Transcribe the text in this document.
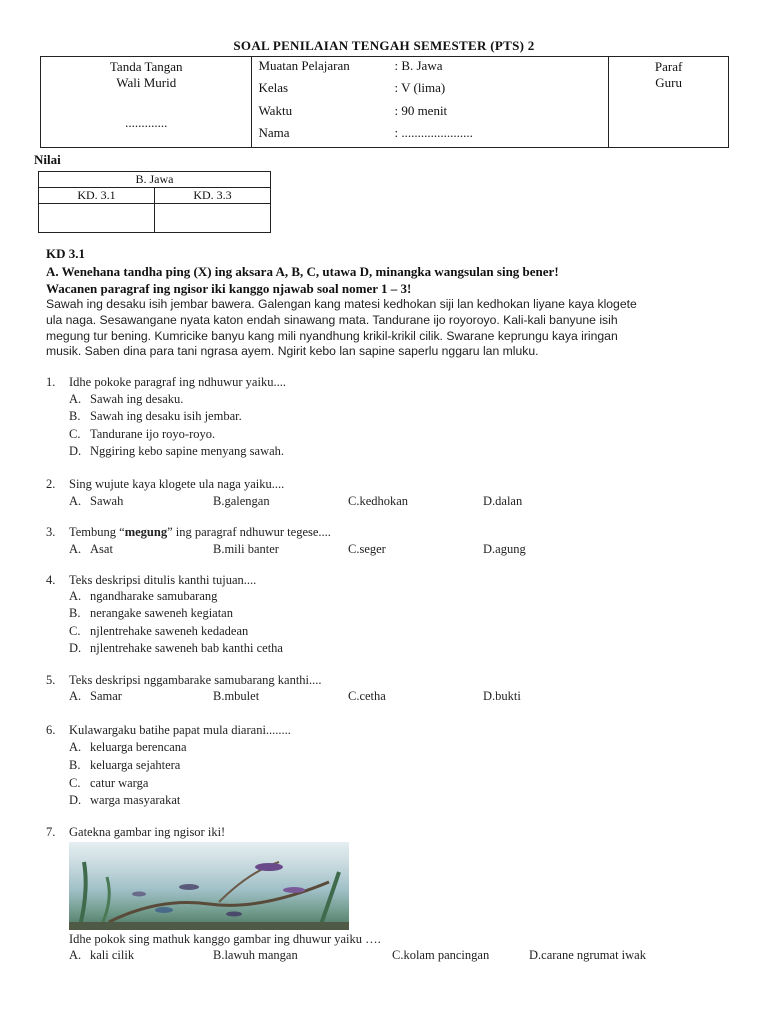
SOAL PENILAIAN TENGAH SEMESTER (PTS) 2
Tanda Tangan
Wali Murid
.............

Muatan Pelajaran	: B. Jawa
Kelas	: V (lima)
Waktu	: 90 menit
Nama	: ......................

Paraf
Guru
Nilai
B. Jawa	
KD. 3.1	KD. 3.3

KD 3.1
A. Wenehana tandha ping (X) ing aksara A, B, C, utawa D, minangka wangsulan sing bener!
Wacanen paragraf ing ngisor iki kanggo njawab soal nomer 1 – 3!
Sawah ing desaku isih jembar bawera. Galengan kang matesi kedhokan siji lan kedhokan liyane kaya klogete
ula naga. Sesawangane nyata katon endah sinawang mata. Tandurane ijo royoroyo. Kali-kali banyune isih
megung tur bening. Kumricike banyu kang mili nyandhung krikil-krikil cilik. Swarane keprungu kaya iringan
musik. Saben dina para tani ngrasa ayem. Ngirit kebo lan sapine saperlu nggaru lan mluku.
1. Idhe pokoke paragraf ing ndhuwur yaiku....
A. Sawah ing desaku.
B. Sawah ing desaku isih jembar.
C. Tandurane ijo royo-royo.
D. Nggiring kebo sapine menyang sawah.
2. Sing wujute kaya klogete ula naga yaiku....
A. Sawah	B.galengan	C.kedhokan	D.dalan
3. Tembung “megung” ing paragraf ndhuwur tegese....
A. Asat	B.mili banter	C.seger	D.agung
4. Teks deskripsi ditulis kanthi tujuan....
A. ngandharake samubarang
B. nerangake saweneh kegiatan
C. njlentrehake saweneh kedadean
D. njlentrehake saweneh bab kanthi cetha
5. Teks deskripsi nggambarake samubarang kanthi....
A. Samar	B.mbulet	C.cetha	D.bukti
6. Kulawargaku batihe papat mula diarani........
A. keluarga berencana
B. keluarga sejahtera
C. catur warga
D. warga masyarakat
7. Gatekna gambar ing ngisor iki!
Idhe pokok sing mathuk kanggo gambar ing dhuwur yaiku ….
A. kali cilik	B.lawuh mangan	C.kolam pancingan	D.carane ngrumat iwak
